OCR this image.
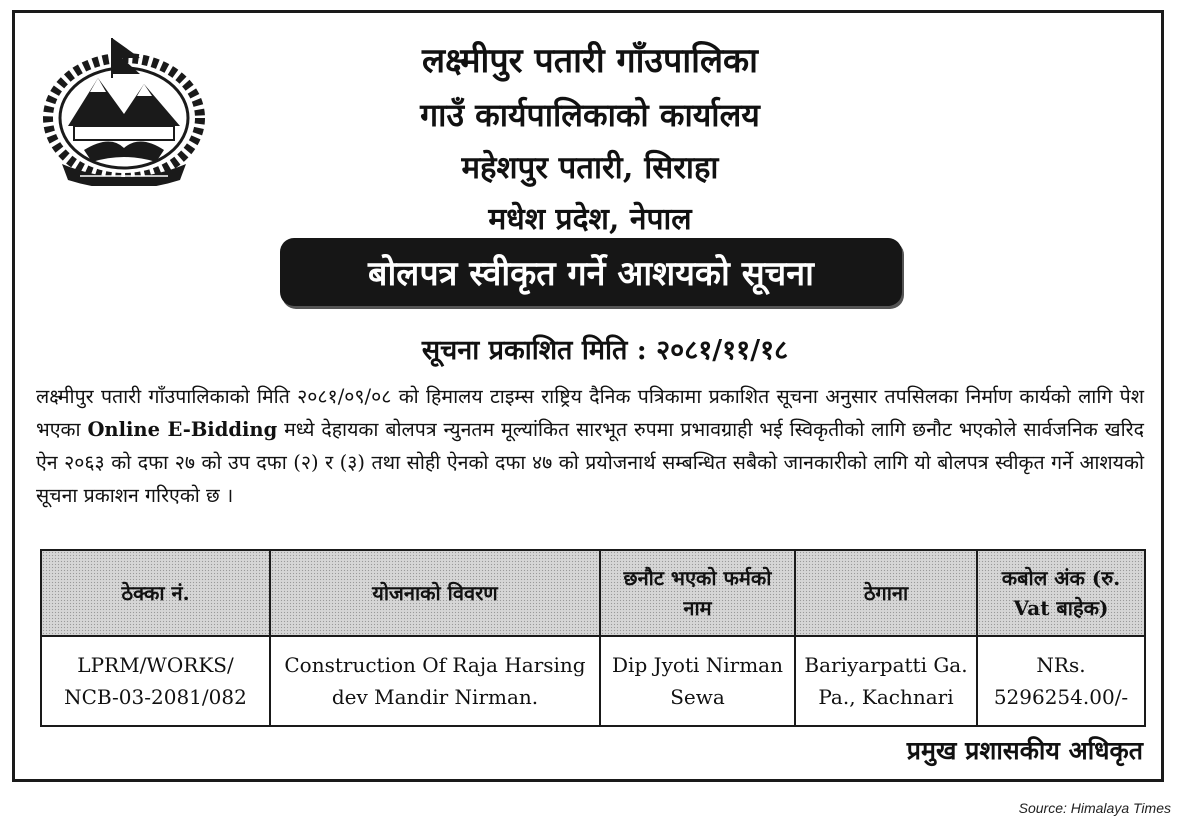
लक्ष्मीपुर पतारी गाँउपालिका
गाउँ कार्यपालिकाको कार्यालय
महेशपुर पतारी, सिराहा
मधेश प्रदेश, नेपाल
बोलपत्र स्वीकृत गर्ने आशयको सूचना
सूचना प्रकाशित मिति : २०८१/११/१८
लक्ष्मीपुर पतारी गाँउपालिकाको मिति २०८१/०९/०८ को हिमालय टाइम्स राष्ट्रिय दैनिक पत्रिकामा प्रकाशित सूचना अनुसार तपसिलका निर्माण कार्यको लागि पेश भएका Online E-Bidding मध्ये देहायका बोलपत्र न्युनतम मूल्यांकित सारभूत रुपमा प्रभावग्राही भई स्विकृतीको लागि छनौट भएकोले सार्वजनिक खरिद ऐन २०६३ को दफा २७ को उप दफा (२) र (३) तथा सोही ऐनको दफा ४७ को प्रयोजनार्थ सम्बन्धित सबैको जानकारीको लागि यो बोलपत्र स्वीकृत गर्ने आशयको सूचना प्रकाशन गरिएको छ ।
ठेक्का नं.	योजनाको विवरण	छनौट भएको फर्मको नाम	ठेगाना	कबोल अंक (रु. Vat बाहेक)
LPRM/WORKS/ NCB-03-2081/082	Construction Of Raja Harsing dev Mandir Nirman.	Dip Jyoti Nirman Sewa	Bariyarpatti Ga. Pa., Kachnari	NRs. 5296254.00/-
प्रमुख प्रशासकीय अधिकृत
Source: Himalaya Times
